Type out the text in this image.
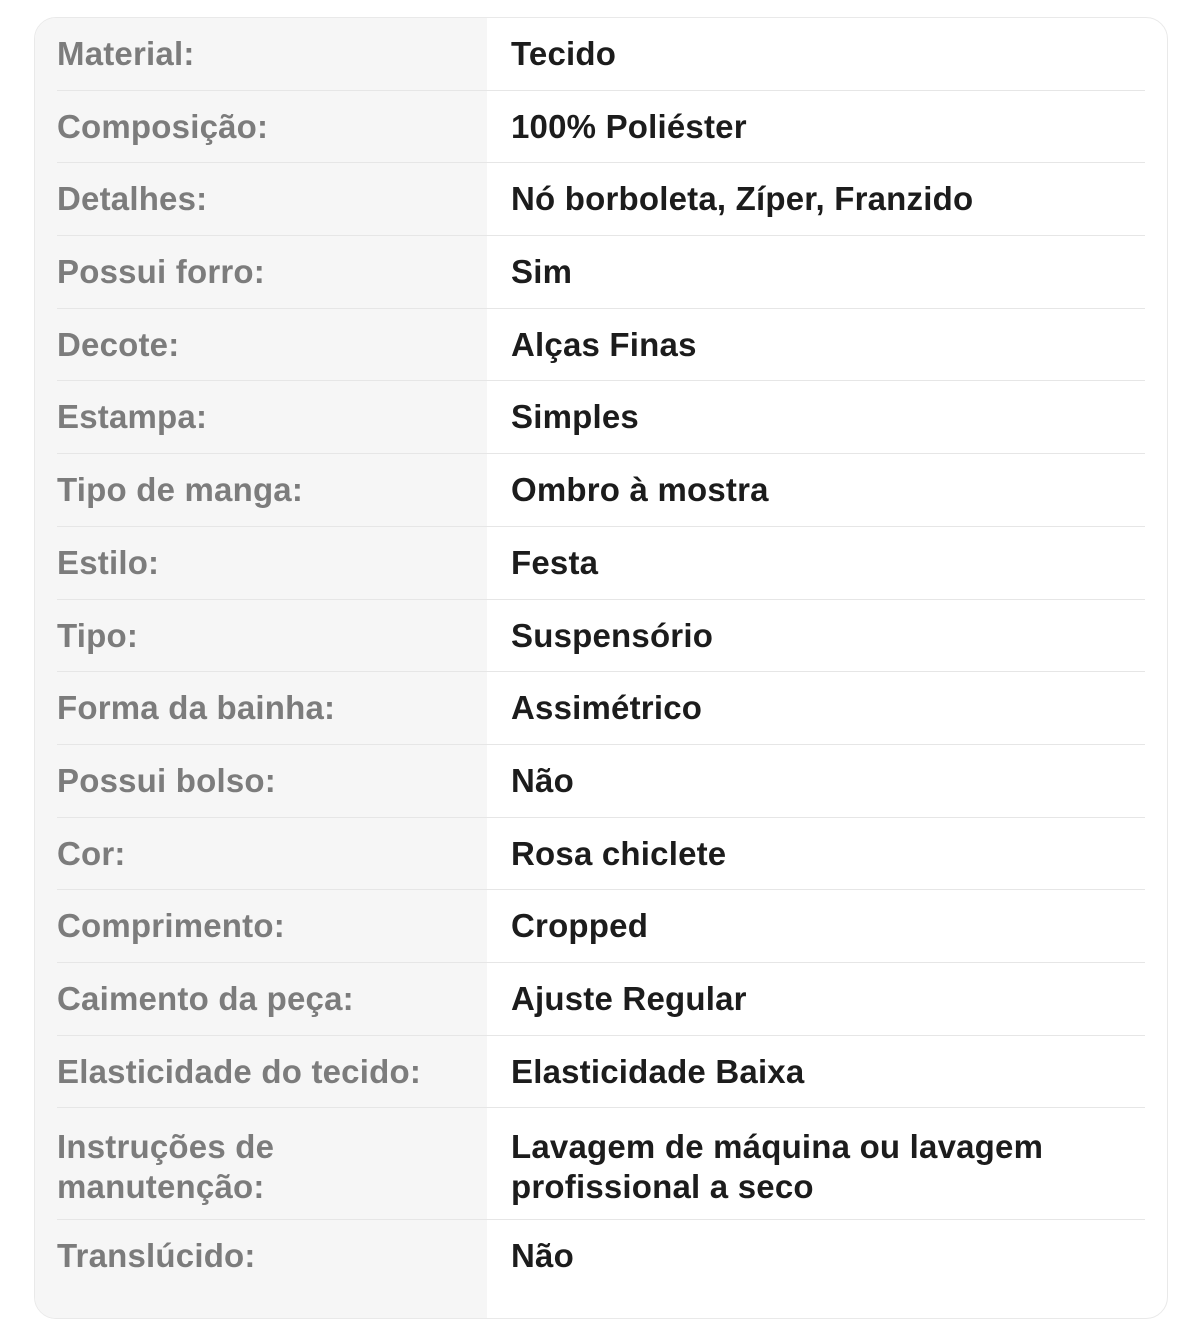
Material:	Tecido
Composição:	100% Poliéster
Detalhes:	Nó borboleta, Zíper, Franzido
Possui forro:	Sim
Decote:	Alças Finas
Estampa:	Simples
Tipo de manga:	Ombro à mostra
Estilo:	Festa
Tipo:	Suspensório
Forma da bainha:	Assimétrico
Possui bolso:	Não
Cor:	Rosa chiclete
Comprimento:	Cropped
Caimento da peça:	Ajuste Regular
Elasticidade do tecido:	Elasticidade Baixa
Instruções de manutenção:
Lavagem de máquina ou lavagem profissional a seco
Translúcido:	Não
